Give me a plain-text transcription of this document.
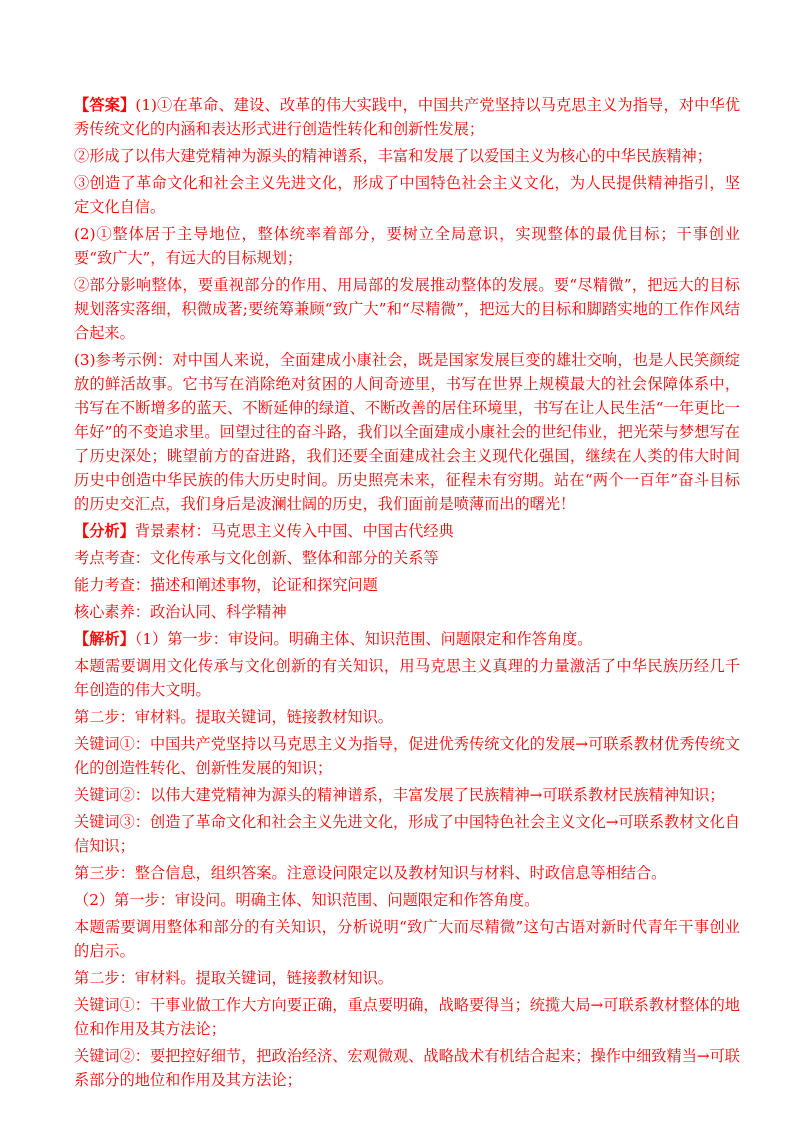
【答案】(1)①在革命、建设、改革的伟大实践中，中国共产党坚持以马克思主义为指导，对中华优秀传统文化的内涵和表达形式进行创造性转化和创新性发展；

②形成了以伟大建党精神为源头的精神谱系，丰富和发展了以爱国主义为核心的中华民族精神；

③创造了革命文化和社会主义先进文化，形成了中国特色社会主义文化，为人民提供精神指引，坚定文化自信。

(2)①整体居于主导地位，整体统率着部分，要树立全局意识，实现整体的最优目标；干事创业要“致广大”，有远大的目标规划；

②部分影响整体，要重视部分的作用、用局部的发展推动整体的发展。要“尽精微”，把远大的目标规划落实落细，积微成著;要统筹兼顾“致广大”和“尽精微”，把远大的目标和脚踏实地的工作作风结合起来。

(3)参考示例：对中国人来说，全面建成小康社会，既是国家发展巨变的雄壮交响，也是人民笑颜绽放的鲜活故事。它书写在消除绝对贫困的人间奇迹里，书写在世界上规模最大的社会保障体系中，书写在不断增多的蓝天、不断延伸的绿道、不断改善的居住环境里，书写在让人民生活“一年更比一年好”的不变追求里。回望过往的奋斗路，我们以全面建成小康社会的世纪伟业，把光荣与梦想写在了历史深处；眺望前方的奋进路，我们还要全面建成社会主义现代化强国，继续在人类的伟大时间历史中创造中华民族的伟大历史时间。历史照亮未来，征程未有穷期。站在“两个一百年”奋斗目标的历史交汇点，我们身后是波澜壮阔的历史，我们面前是喷薄而出的曙光！

【分析】背景素材：马克思主义传入中国、中国古代经典

考点考查：文化传承与文化创新、整体和部分的关系等

能力考查：描述和阐述事物，论证和探究问题

核心素养：政治认同、科学精神

【解析】（1）第一步：审设问。明确主体、知识范围、问题限定和作答角度。

本题需要调用文化传承与文化创新的有关知识，用马克思主义真理的力量激活了中华民族历经几千年创造的伟大文明。

第二步：审材料。提取关键词，链接教材知识。

关键词①：中国共产党坚持以马克思主义为指导，促进优秀传统文化的发展→可联系教材优秀传统文化的创造性转化、创新性发展的知识；

关键词②：以伟大建党精神为源头的精神谱系，丰富发展了民族精神→可联系教材民族精神知识；

关键词③：创造了革命文化和社会主义先进文化，形成了中国特色社会主义文化→可联系教材文化自信知识；

第三步：整合信息，组织答案。注意设问限定以及教材知识与材料、时政信息等相结合。

（2）第一步：审设问。明确主体、知识范围、问题限定和作答角度。

本题需要调用整体和部分的有关知识，分析说明“致广大而尽精微”这句古语对新时代青年干事创业的启示。

第二步：审材料。提取关键词，链接教材知识。

关键词①：干事业做工作大方向要正确，重点要明确，战略要得当；统揽大局→可联系教材整体的地位和作用及其方法论；

关键词②：要把控好细节，把政治经济、宏观微观、战略战术有机结合起来；操作中细致精当→可联系部分的地位和作用及其方法论；
